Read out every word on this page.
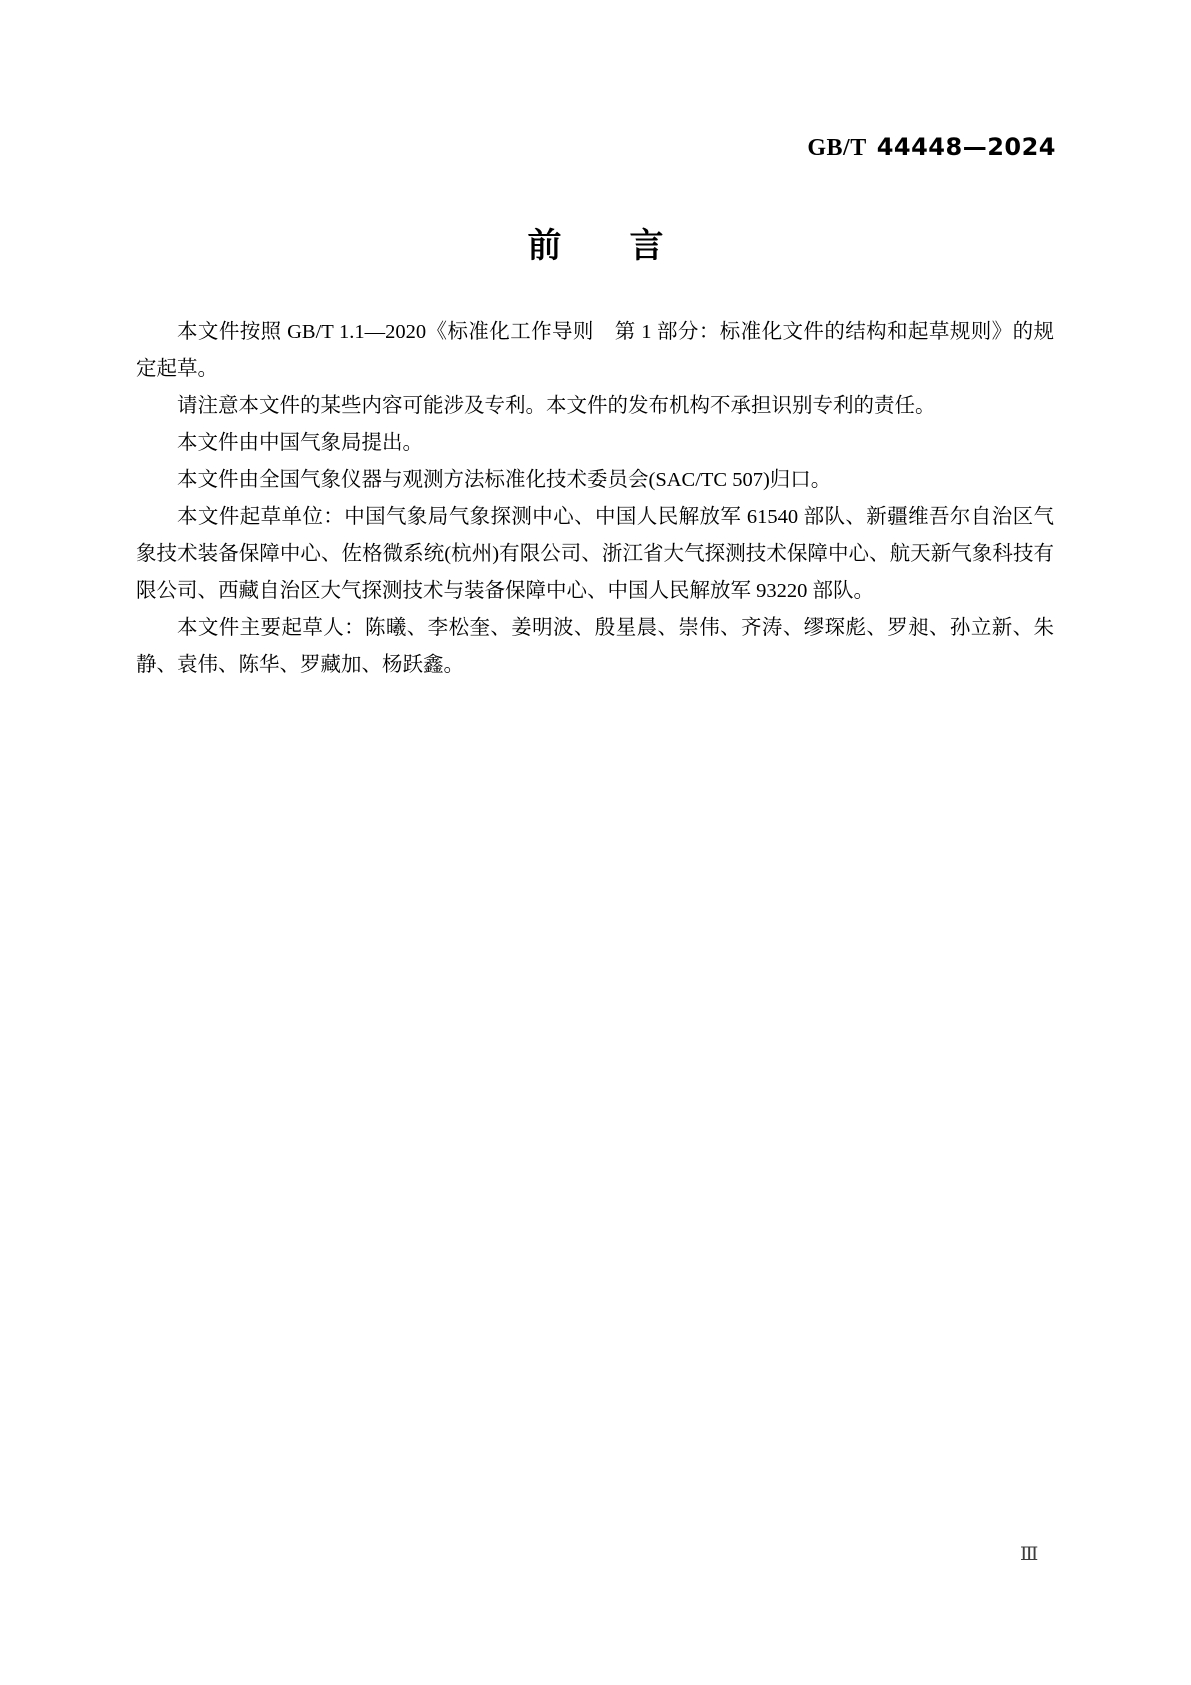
GB/T 44448—2024
前　　言

本文件按照 GB/T 1.1—2020《标准化工作导则　第 1 部分：标准化文件的结构和起草规则》的规定起草。

请注意本文件的某些内容可能涉及专利。本文件的发布机构不承担识别专利的责任。

本文件由中国气象局提出。

本文件由全国气象仪器与观测方法标准化技术委员会(SAC/TC 507)归口。

本文件起草单位：中国气象局气象探测中心、中国人民解放军 61540 部队、新疆维吾尔自治区气象技术装备保障中心、佐格微系统(杭州)有限公司、浙江省大气探测技术保障中心、航天新气象科技有限公司、西藏自治区大气探测技术与装备保障中心、中国人民解放军 93220 部队。

本文件主要起草人：陈曦、李松奎、姜明波、殷星晨、崇伟、齐涛、缪琛彪、罗昶、孙立新、朱静、袁伟、陈华、罗藏加、杨跃鑫。

Ⅲ
